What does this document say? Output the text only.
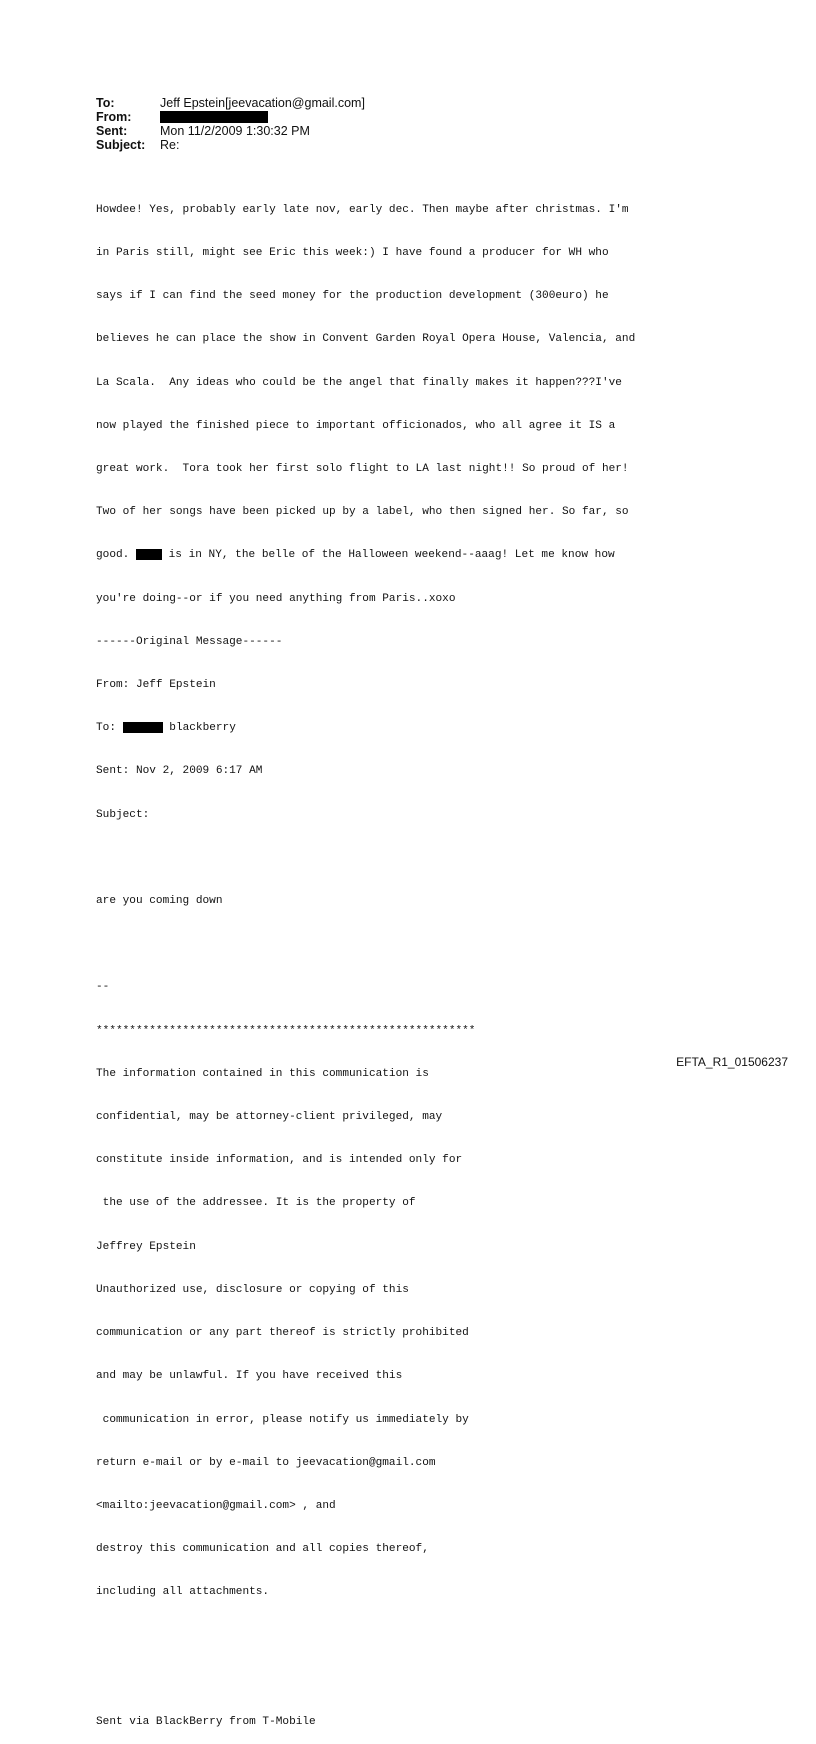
To:	Jeff Epstein[jeevacation@gmail.com]
From:
Sent:	Mon 11/2/2009 1:30:32 PM
Subject:	Re:

Howdee! Yes, probably early late nov, early dec. Then maybe after christmas. I'm

in Paris still, might see Eric this week:) I have found a producer for WH who

says if I can find the seed money for the production development (300euro) he

believes he can place the show in Convent Garden Royal Opera House, Valencia, and

La Scala.  Any ideas who could be the angel that finally makes it happen???I've

now played the finished piece to important officionados, who all agree it IS a

great work.  Tora took her first solo flight to LA last night!! So proud of her!

Two of her songs have been picked up by a label, who then signed her. So far, so

good.  is in NY, the belle of the Halloween weekend--aaag! Let me know how

you're doing--or if you need anything from Paris..xoxo

------Original Message------

From: Jeff Epstein

To:	blackberry

Sent: Nov 2, 2009 6:17 AM

Subject:

are you coming down

--

*********************************************************

The information contained in this communication is

confidential, may be attorney-client privileged, may

constitute inside information, and is intended only for

the use of the addressee. It is the property of

Jeffrey Epstein

Unauthorized use, disclosure or copying of this

communication or any part thereof is strictly prohibited

and may be unlawful. If you have received this

communication in error, please notify us immediately by

return e-mail or by e-mail to jeevacation@gmail.com

<mailto:jeevacation@gmail.com> , and

destroy this communication and all copies thereof,

including all attachments.

Sent via BlackBerry from T-Mobile

EFTA_R1_01506237
